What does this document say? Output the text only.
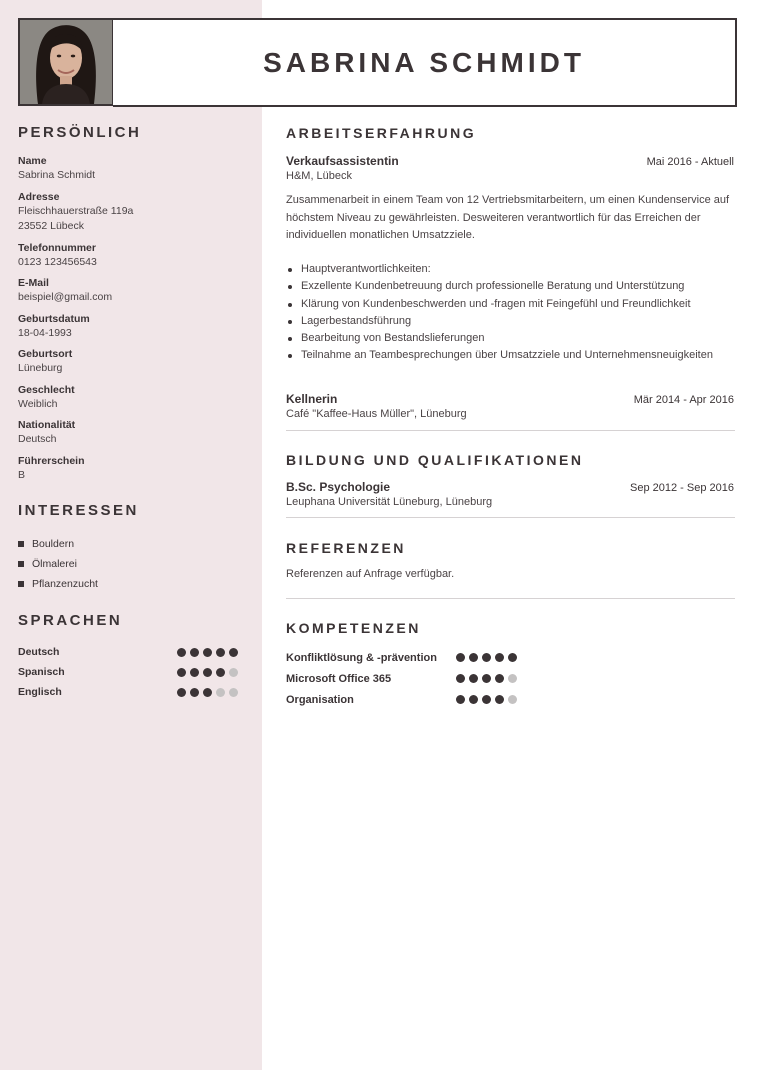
SABRINA SCHMIDT
PERSÖNLICH
Name
Sabrina Schmidt
Adresse
Fleischhauerstraße 119a
23552 Lübeck
Telefonnummer
0123 123456543
E-Mail
beispiel@gmail.com
Geburtsdatum
18-04-1993
Geburtsort
Lüneburg
Geschlecht
Weiblich
Nationalität
Deutsch
Führerschein
B
INTERESSEN
Bouldern
Ölmalerei
Pflanzenzucht
SPRACHEN
Deutsch
Spanisch
Englisch
ARBEITSERFAHRUNG
Verkaufsassistentin	Mai 2016 - Aktuell
H&M, Lübeck
Zusammenarbeit in einem Team von 12 Vertriebsmitarbeitern, um einen Kundenservice auf höchstem Niveau zu gewährleisten. Desweiteren verantwortlich für das Erreichen der individuellen monatlichen Umsatzziele.
Hauptverantwortlichkeiten:
Exzellente Kundenbetreuung durch professionelle Beratung und Unterstützung
Klärung von Kundenbeschwerden und -fragen mit Feingefühl und Freundlichkeit
Lagerbestandsführung
Bearbeitung von Bestandslieferungen
Teilnahme an Teambesprechungen über Umsatzziele und Unternehmensneuigkeiten
Kellnerin	Mär 2014 - Apr 2016
Café "Kaffee-Haus Müller", Lüneburg
BILDUNG UND QUALIFIKATIONEN
B.Sc. Psychologie	Sep 2012 - Sep 2016
Leuphana Universität Lüneburg, Lüneburg
REFERENZEN
Referenzen auf Anfrage verfügbar.
KOMPETENZEN
Konfliktlösung & -prävention
Microsoft Office 365
Organisation
